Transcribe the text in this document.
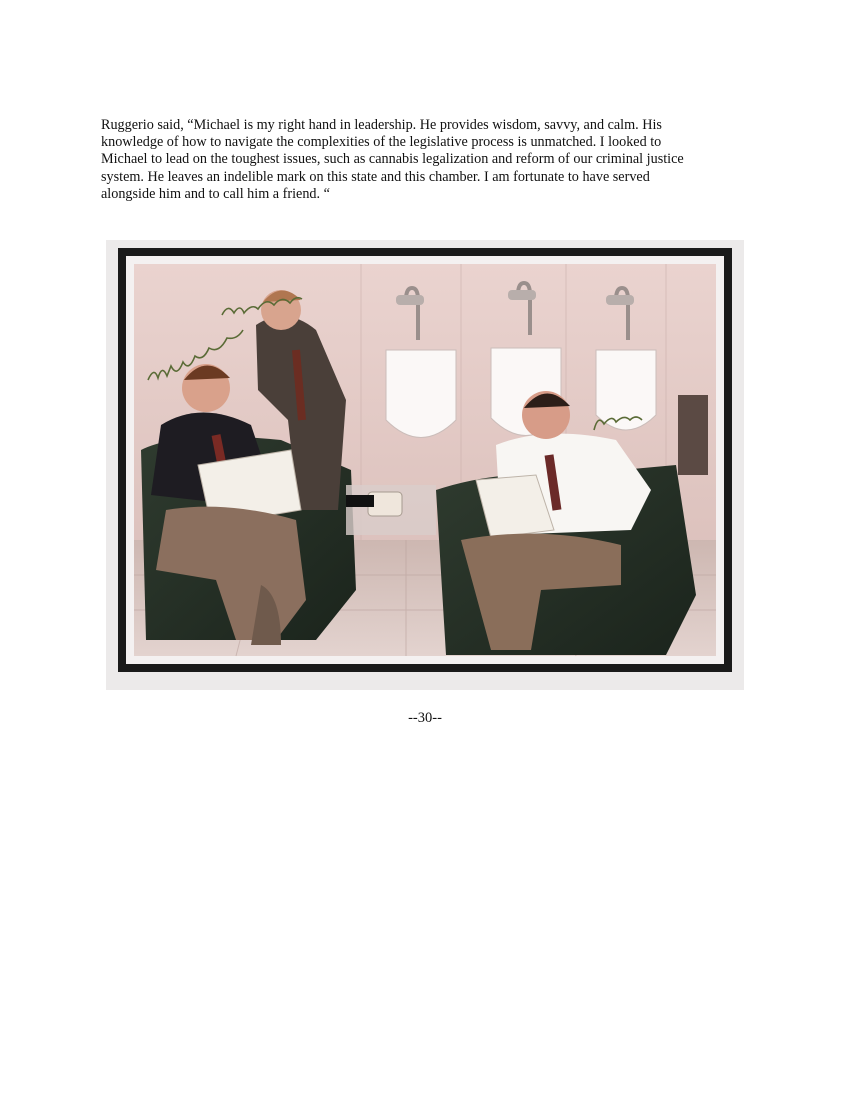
Ruggerio said, “Michael is my right hand in leadership. He provides wisdom, savvy, and calm. His
knowledge of how to navigate the complexities of the legislative process is unmatched. I looked to
Michael to lead on the toughest issues, such as cannabis legalization and reform of our criminal justice
system. He leaves an indelible mark on this state and this chamber. I am fortunate to have served
alongside him and to call him a friend. “

--30--
